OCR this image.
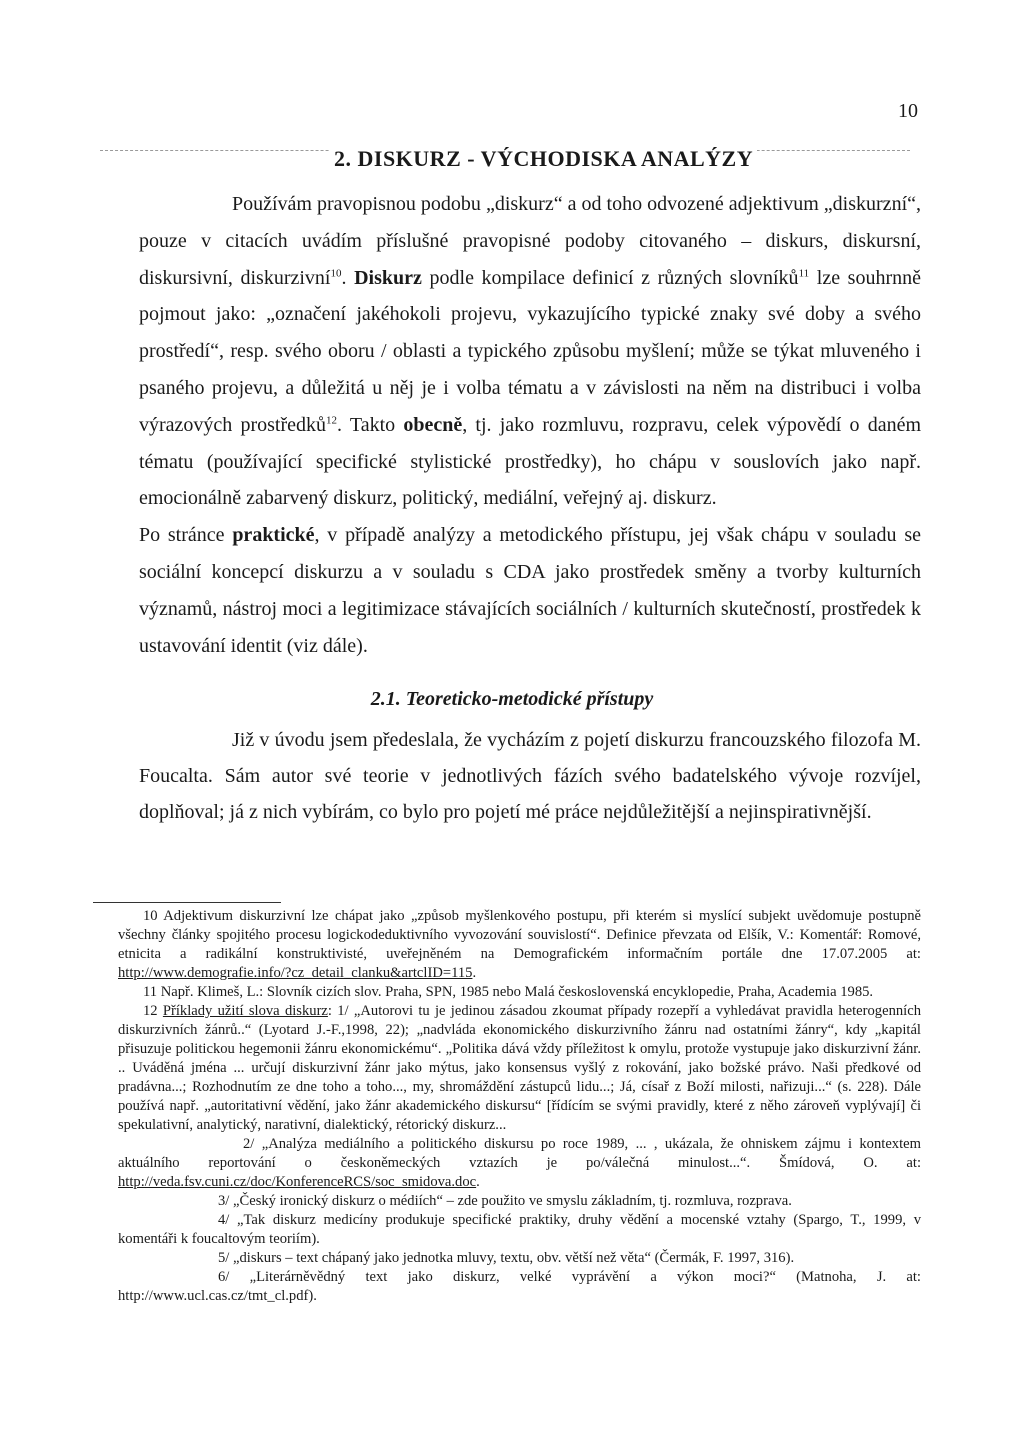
10
2. DISKURZ - VÝCHODISKA ANALÝZY

Používám pravopisnou podobu „diskurz“ a od toho odvozené adjektivum „diskurzní“, pouze v citacích uvádím příslušné pravopisné podoby citovaného – diskurs, diskursní, diskursivní, diskurzivní$^{10}$. Diskurz podle kompilace definicí z různých slovníků$^{11}$ lze souhrnně pojmout jako: „označení jakéhokoli projevu, vykazujícího typické znaky své doby a svého prostředí“, resp. svého oboru / oblasti a typického způsobu myšlení; může se týkat mluveného i psaného projevu, a důležitá u něj je i volba tématu a v závislosti na něm na distribuci i volba výrazových prostředků$^{12}$. Takto obecně, tj. jako rozmluvu, rozpravu, celek výpovědí o daném tématu (používající specifické stylistické prostředky), ho chápu v souslovích jako např. emocionálně zabarvený diskurz, politický, mediální, veřejný aj. diskurz.

Po stránce praktické, v případě analýzy a metodického přístupu, jej však chápu v souladu se sociální koncepcí diskurzu a v souladu s CDA jako prostředek směny a tvorby kulturních významů, nástroj moci a legitimizace stávajících sociálních / kulturních skutečností, prostředek k ustavování identit (viz dále).

2.1. Teoreticko-metodické přístupy

Již v úvodu jsem předeslala, že vycházím z pojetí diskurzu francouzského filozofa M. Foucalta. Sám autor své teorie v jednotlivých fázích svého badatelského vývoje rozvíjel, doplňoval; já z nich vybírám, co bylo pro pojetí mé práce nejdůležitější a nejinspirativnější.

10 Adjektivum diskurzivní lze chápat jako „způsob myšlenkového postupu, při kterém si myslící subjekt uvědomuje postupně všechny články spojitého procesu logickodeduktivního vyvozování souvislostí“. Definice převzata od Elšík, V.: Komentář: Romové, etnicita a radikální konstruktivisté, uveřejněném na Demografickém informačním portále dne 17.07.2005 at: http://www.demografie.info/?cz_detail_clanku&artclID=115.

11 Např. Klimeš, L.: Slovník cizích slov. Praha, SPN, 1985 nebo Malá československá encyklopedie, Praha, Academia 1985.

12 Příklady užití slova diskurz: 1/ „Autorovi tu je jedinou zásadou zkoumat případy rozepří a vyhledávat pravidla heterogenních diskurzivních žánrů..“ (Lyotard J.-F.,1998, 22); „nadvláda ekonomického diskurzivního žánru nad ostatními žánry“, kdy „kapitál přisuzuje politickou hegemonii žánru ekonomickému“. „Politika dává vždy příležitost k omylu, protože vystupuje jako diskurzivní žánr. .. Uváděná jména ... určují diskurzivní žánr jako mýtus, jako konsensus vyšlý z rokování, jako božské právo. Naši předkové od pradávna...; Rozhodnutím ze dne toho a toho..., my, shromáždění zástupců lidu...; Já, císař z Boží milosti, nařizuji...“ (s. 228). Dále používá např. „autoritativní vědění, jako žánr akademického diskursu“ [řídícím se svými pravidly, které z něho zároveň vyplývají] či spekulativní, analytický, narativní, dialektický, rétorický diskurz...

2/ „Analýza mediálního a politického diskursu po roce 1989, ... , ukázala, že ohniskem zájmu i kontextem aktuálního reportování o českoněmeckých vztazích je po/válečná minulost...“. Šmídová, O. at: http://veda.fsv.cuni.cz/doc/KonferenceRCS/soc_smidova.doc.

3/ „Český ironický diskurz o médiích“ – zde použito ve smyslu základním, tj. rozmluva, rozprava.

4/ „Tak diskurz medicíny produkuje specifické praktiky, druhy vědění a mocenské vztahy (Spargo, T., 1999, v komentáři k foucaltovým teoriím).

5/ „diskurs – text chápaný jako jednotka mluvy, textu, obv. větší než věta“ (Čermák, F. 1997, 316).

6/ „Literárněvědný text jako diskurz, velké vyprávění a výkon moci?“ (Matnoha, J. at: http://www.ucl.cas.cz/tmt_cl.pdf).
